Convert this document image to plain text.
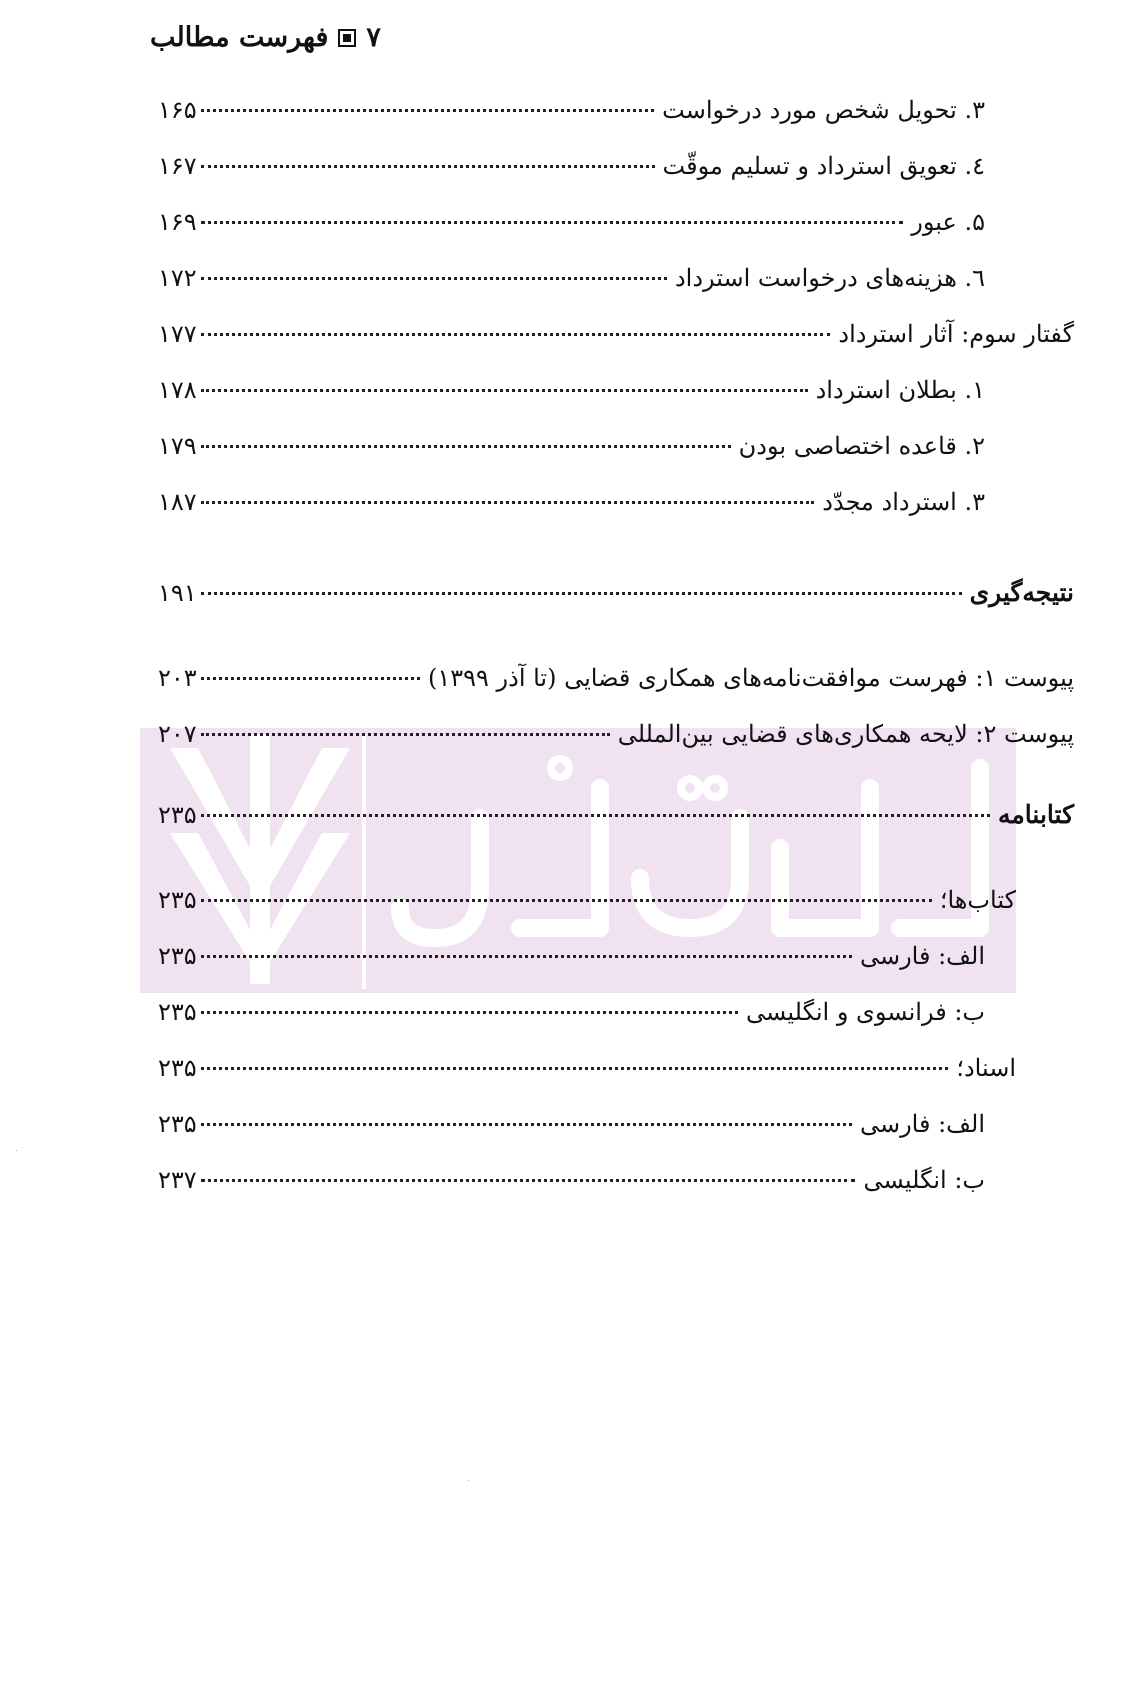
۷
فهرست مطالب
۳. تحویل شخص مورد درخواست
۱۶۵
٤. تعویق استرداد و تسلیم موقّت
۱۶۷
۵. عبور
۱۶۹
٦. هزینه‌های درخواست استرداد
۱۷۲
گفتار سوم: آثار استرداد
۱۷۷
۱. بطلان استرداد
۱۷۸
۲. قاعده اختصاصی بودن
۱۷۹
۳. استرداد مجدّد
۱۸۷
نتیجه‌گیری
۱۹۱
پیوست ۱: فهرست موافقت‌نامه‌های همکاری قضایی (تا آذر ۱۳۹۹)
۲۰۳
پیوست ۲: لایحه همکاری‌های قضایی بین‌المللی
۲۰۷
کتابنامه
۲۳۵
کتاب‌ها؛
۲۳۵
الف: فارسی
۲۳۵
ب: فرانسوی و انگلیسی
۲۳۵
اسناد؛
۲۳۵
الف: فارسی
۲۳۵
ب: انگلیسی
۲۳۷
